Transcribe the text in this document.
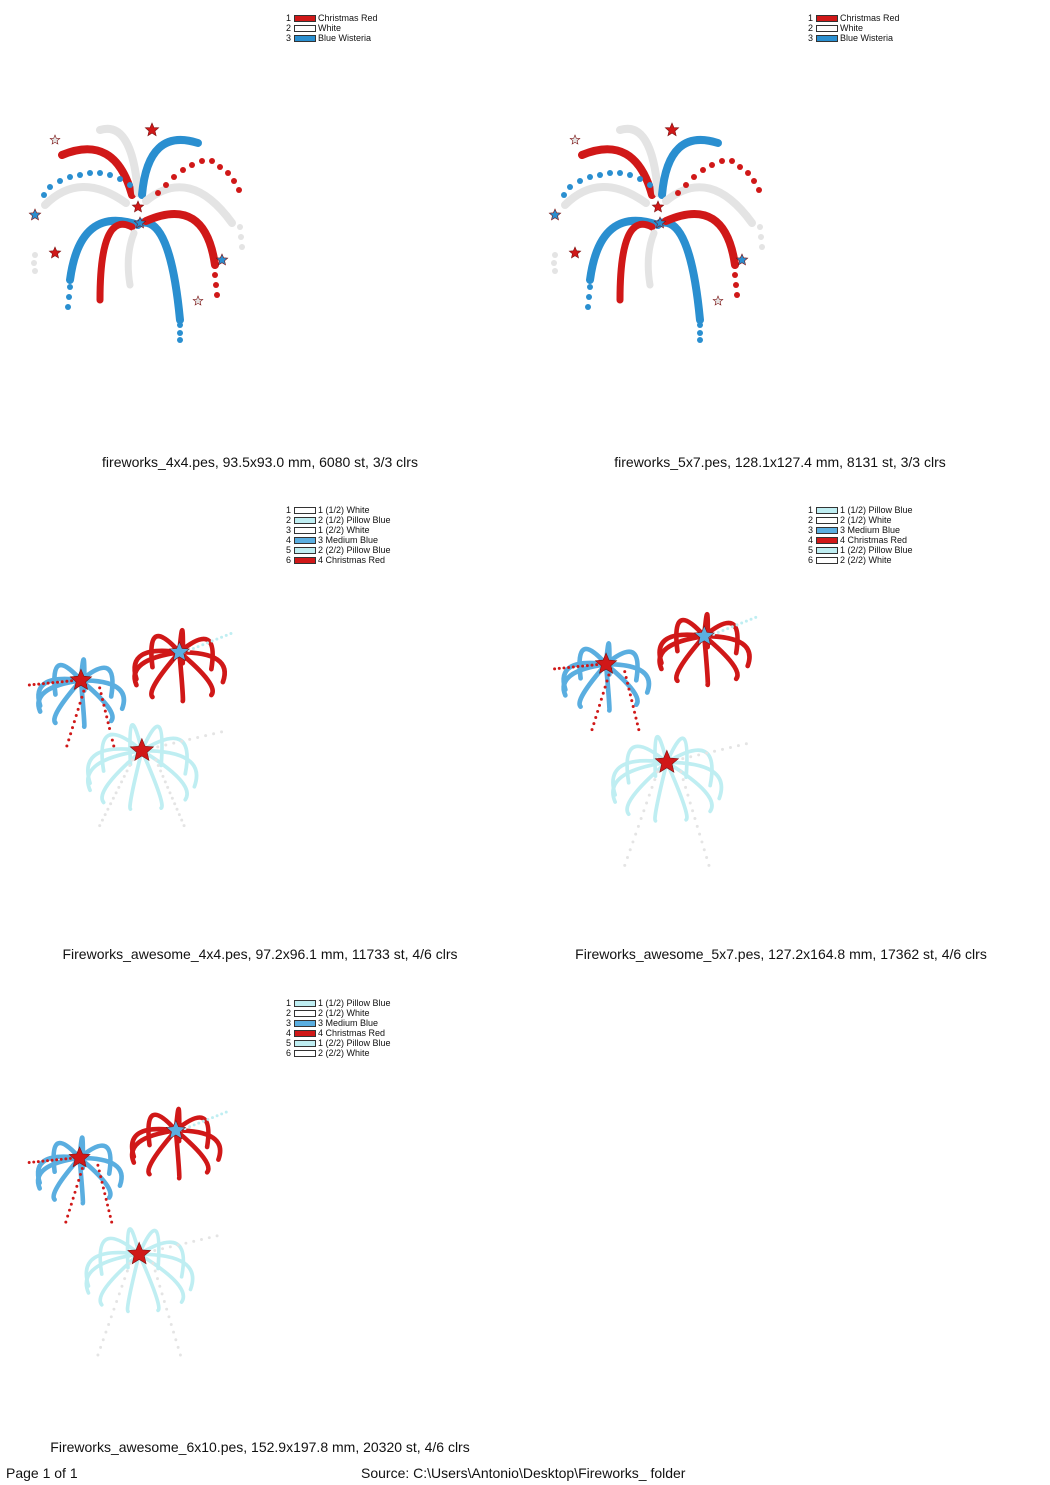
1	Christmas Red
2	White
3	Blue Wisteria
fireworks_4x4.pes, 93.5x93.0 mm, 6080 st, 3/3 clrs
1	Christmas Red
2	White
3	Blue Wisteria
fireworks_5x7.pes, 128.1x127.4 mm, 8131 st, 3/3 clrs
1	1 (1/2) White
2	2 (1/2) Pillow Blue
3	1 (2/2) White
4	3 Medium Blue
5	2 (2/2) Pillow Blue
6	4 Christmas Red
Fireworks_awesome_4x4.pes, 97.2x96.1 mm, 11733 st, 4/6 clrs
1	1 (1/2) Pillow Blue
2	2 (1/2) White
3	3 Medium Blue
4	4 Christmas Red
5	1 (2/2) Pillow Blue
6	2 (2/2) White
Fireworks_awesome_5x7.pes, 127.2x164.8 mm, 17362 st, 4/6 clrs
1	1 (1/2) Pillow Blue
2	2 (1/2) White
3	3 Medium Blue
4	4 Christmas Red
5	1 (2/2) Pillow Blue
6	2 (2/2) White
Fireworks_awesome_6x10.pes, 152.9x197.8 mm, 20320 st, 4/6 clrs
Page 1 of 1	Source: C:\Users\Antonio\Desktop\Fireworks_ folder
